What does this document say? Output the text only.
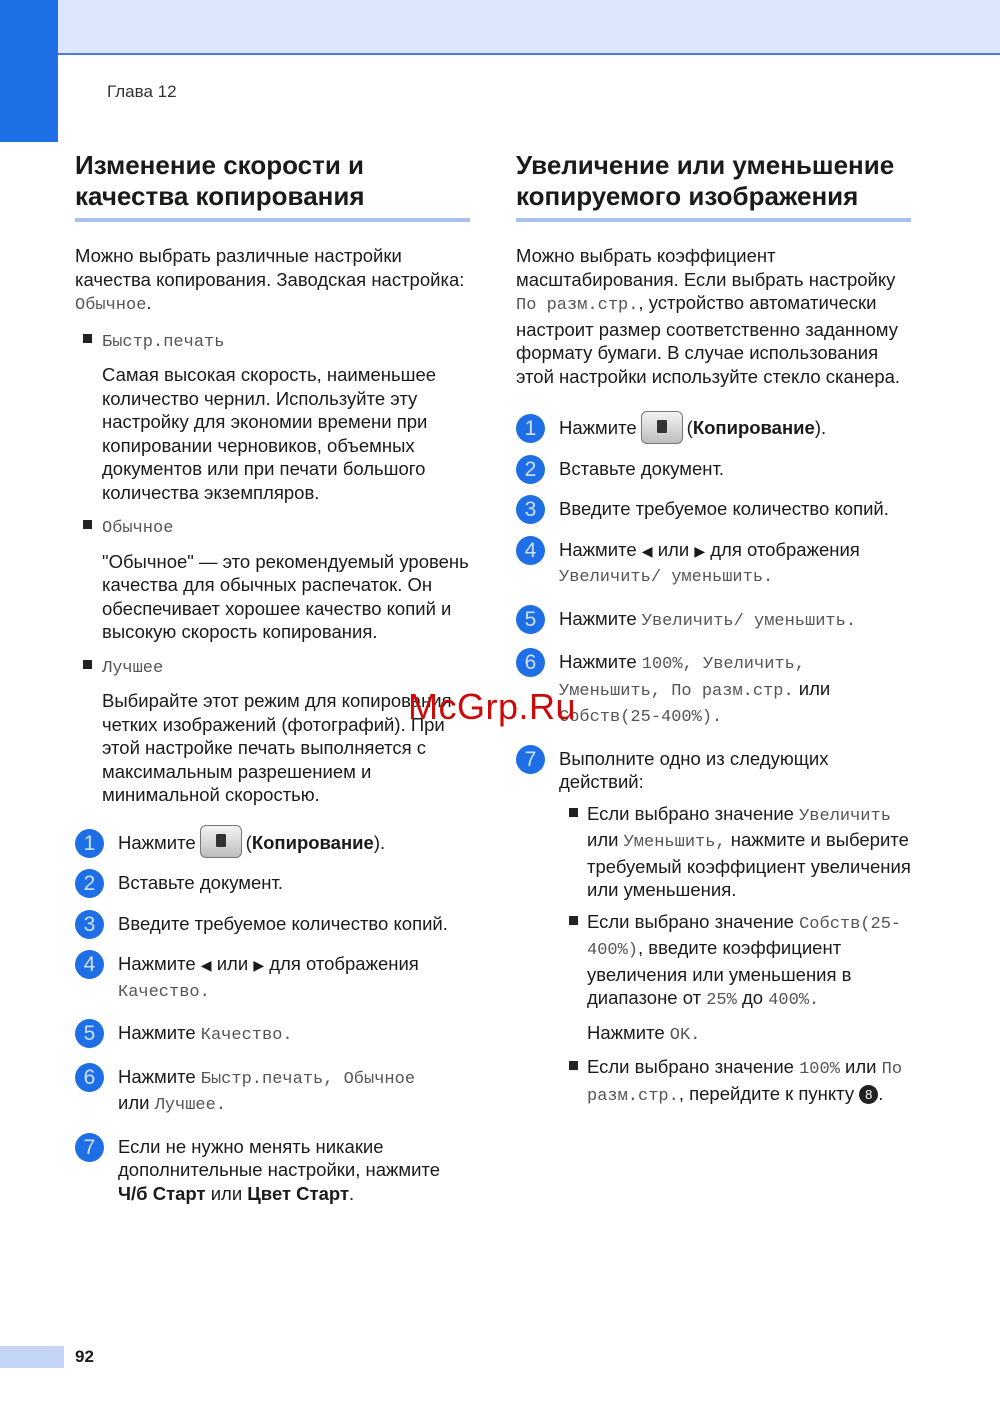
Глава 12
Изменение скорости и качества копирования

Можно выбрать различные настройки качества копирования. Заводская настройка: Обычное.

Быстр.печать
Самая высокая скорость, наименьшее количество чернил. Используйте эту настройку для экономии времени при копировании черновиков, объемных документов или при печати большого количества экземпляров.
Обычное
"Обычное" — это рекомендуемый уровень качества для обычных распечаток. Он обеспечивает хорошее качество копий и высокую скорость копирования.
Лучшее
Выбирайте этот режим для копирования четких изображений (фотографий). При этой настройке печать выполняется с максимальным разрешением и минимальной скоростью.
1	Нажмите	(Копирование).
2	Вставьте документ.
3	Введите требуемое количество копий.
4	Нажмите ◀ или ▶ для отображения
Качество.
5	Нажмите Качество.
6	Нажмите Быстр.печать, Обычное
или Лучшее.
7	Если не нужно менять никакие дополнительные настройки, нажмите
Ч/б Старт или Цвет Старт.
Увеличение или уменьшение копируемого изображения

Можно выбрать коэффициент масштабирования. Если выбрать настройку По разм.стр., устройство автоматически настроит размер соответственно заданному формату бумаги. В случае использования этой настройки используйте стекло сканера.

1	Нажмите	(Копирование).
2	Вставьте документ.
3	Введите требуемое количество копий.
4	Нажмите ◀ или ▶ для отображения
Увеличить/ уменьшить.
5	Нажмите Увеличить/ уменьшить.
6	Нажмите 100%, Увеличить,
Уменьшить, По разм.стр. или
Собств(25-400%).
7	Выполните одно из следующих действий:
Если выбрано значение Увеличить или Уменьшить, нажмите и выберите требуемый коэффициент увеличения или уменьшения.
Если выбрано значение Собств(25-400%), введите коэффициент увеличения или уменьшения в диапазоне от 25% до 400%.
Нажмите OK.
Если выбрано значение 100% или По разм.стр., перейдите к пункту 8 .
McGrp.Ru
92
